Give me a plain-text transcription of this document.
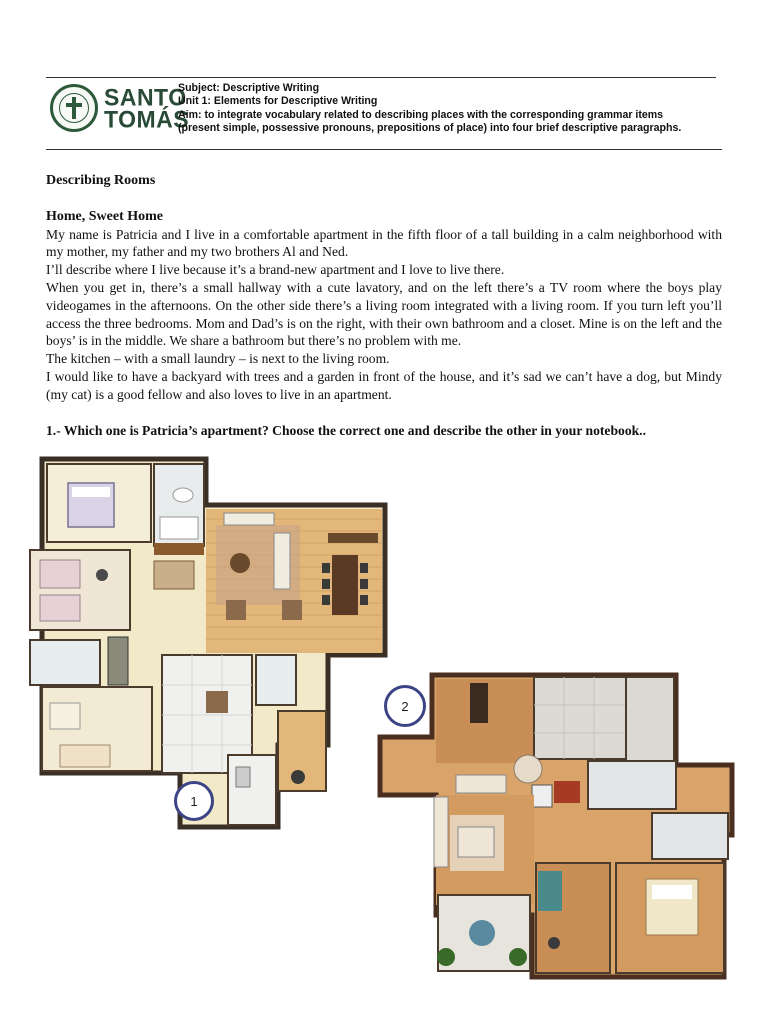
SANTO
TOMÁS
Subject: Descriptive Writing
Unit 1: Elements for Descriptive Writing
Aim: to integrate vocabulary related to describing places with the corresponding grammar items
(present simple, possessive pronouns, prepositions of place) into four brief descriptive paragraphs.
Describing Rooms
Home, Sweet Home

My name is Patricia and I live in a comfortable apartment in the fifth floor of a tall building in a calm neighborhood with my mother, my father and my two brothers Al and Ned.

I’ll describe where I live because it’s a brand-new apartment and I love to live there.

When you get in, there’s a small hallway with a cute lavatory, and on the left there’s a TV room where the boys play videogames in the afternoons. On the other side there’s a living room integrated with a living room. If you turn left you’ll access the three bedrooms. Mom and Dad’s is on the right, with their own bathroom and a closet. Mine is on the left and the boys’ is in the middle. We share a bathroom but there’s no problem with me.

The kitchen – with a small laundry – is next to the living room.

I would like to have a backyard with trees and a garden in front of the house, and it’s sad we can’t have a dog, but Mindy (my cat) is a good fellow and also loves to live in an apartment.

1.- Which one is Patricia’s apartment? Choose the correct one and describe the other in your notebook..
1
2
